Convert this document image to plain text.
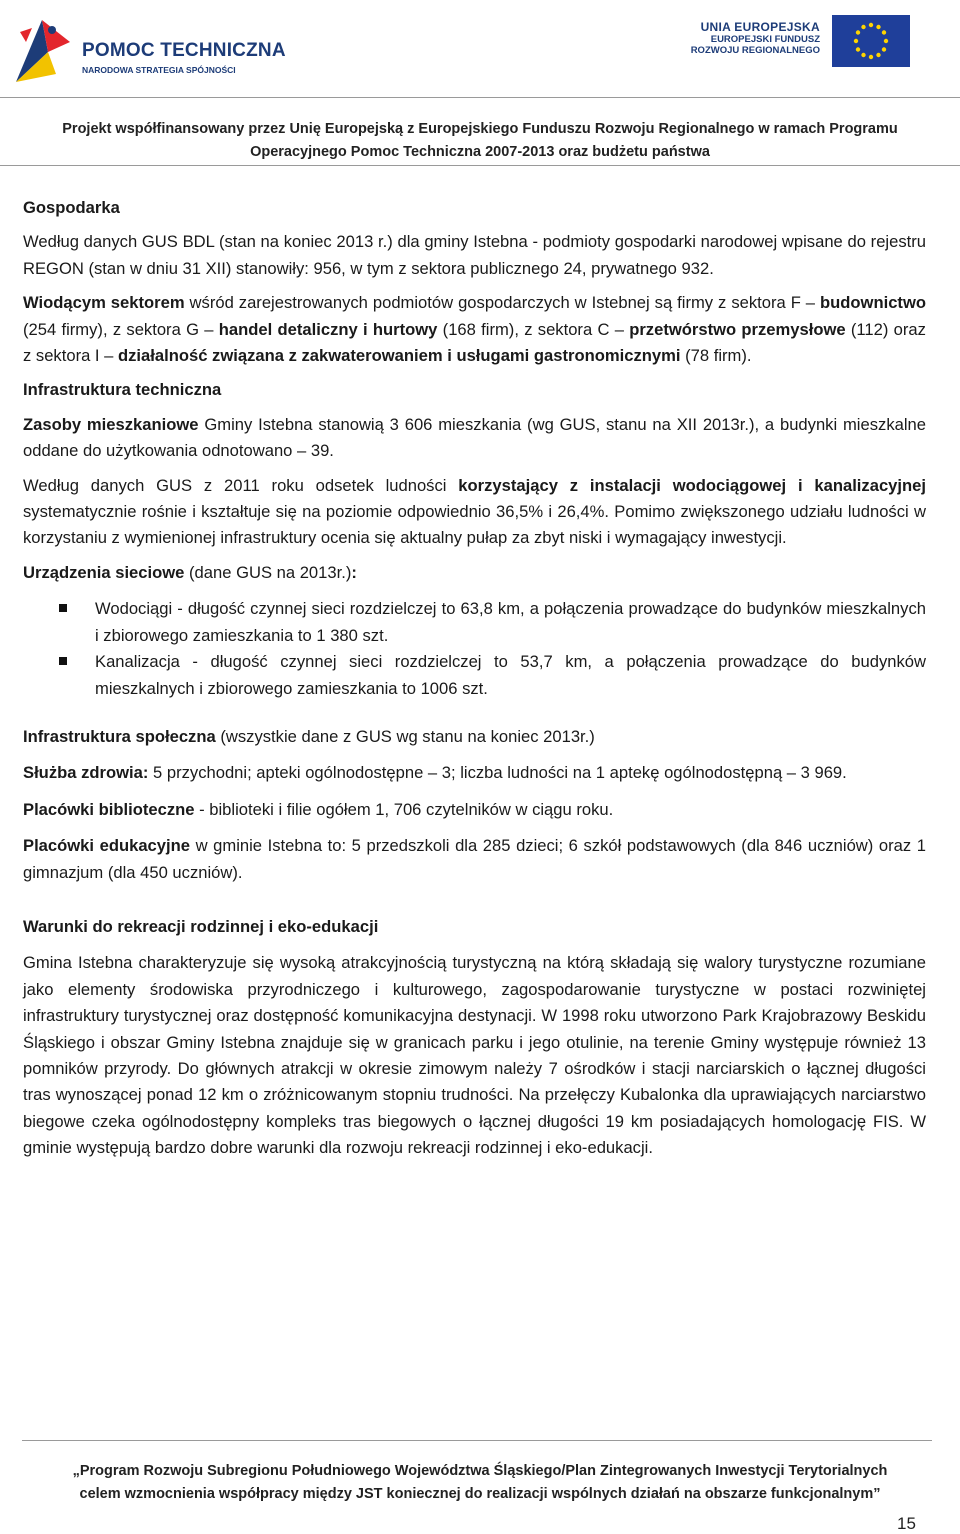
POMOC TECHNICZNA
NARODOWA STRATEGIA SPÓJNOŚCI
UNIA EUROPEJSKA
EUROPEJSKI FUNDUSZ
ROZWOJU REGIONALNEGO
Projekt współfinansowany przez Unię Europejską z Europejskiego Funduszu Rozwoju Regionalnego w ramach Programu
Operacyjnego Pomoc Techniczna 2007-2013 oraz budżetu państwa

Gospodarka

Według danych GUS BDL (stan na koniec 2013 r.) dla gminy Istebna - podmioty gospodarki narodowej wpisane do rejestru REGON (stan w dniu 31 XII) stanowiły: 956, w tym z sektora publicznego 24, prywatnego 932.

Wiodącym sektorem wśród zarejestrowanych podmiotów gospodarczych w Istebnej są firmy z sektora F – budownictwo (254 firmy), z sektora G – handel detaliczny i hurtowy (168 firm), z sektora C – przetwórstwo przemysłowe (112) oraz z sektora I – działalność związana z zakwaterowaniem i usługami gastronomicznymi (78 firm).

Infrastruktura techniczna

Zasoby mieszkaniowe Gminy Istebna stanowią 3 606 mieszkania (wg GUS, stanu na XII 2013r.), a budynki mieszkalne oddane do użytkowania odnotowano – 39.

Według danych GUS z 2011 roku odsetek ludności korzystający z instalacji wodociągowej i kanalizacyjnej systematycznie rośnie i kształtuje się na poziomie odpowiednio 36,5% i 26,4%. Pomimo zwiększonego udziału ludności w korzystaniu z wymienionej infrastruktury ocenia się aktualny pułap za zbyt niski i wymagający inwestycji.

Urządzenia sieciowe (dane GUS na 2013r.):

Wodociągi - długość czynnej sieci rozdzielczej to 63,8 km, a połączenia prowadzące do budynków mieszkalnych i zbiorowego zamieszkania to 1 380 szt.
Kanalizacja - długość czynnej sieci rozdzielczej to 53,7 km, a połączenia prowadzące do budynków mieszkalnych i zbiorowego zamieszkania to 1006 szt.

Infrastruktura społeczna (wszystkie dane z GUS wg stanu na koniec 2013r.)

Służba zdrowia: 5 przychodni; apteki ogólnodostępne – 3; liczba ludności na 1 aptekę ogólnodostępną – 3 969.

Placówki biblioteczne - biblioteki i filie ogółem 1, 706 czytelników w ciągu roku.

Placówki edukacyjne w gminie Istebna to: 5 przedszkoli dla 285 dzieci; 6 szkół podstawowych (dla 846 uczniów) oraz 1 gimnazjum (dla 450 uczniów).

Warunki do rekreacji rodzinnej i eko-edukacji

Gmina Istebna charakteryzuje się wysoką atrakcyjnością turystyczną na którą składają się walory turystyczne rozumiane jako elementy środowiska przyrodniczego i kulturowego, zagospodarowanie turystyczne w postaci rozwiniętej infrastruktury turystycznej oraz dostępność komunikacyjna destynacji. W 1998 roku utworzono Park Krajobrazowy Beskidu Śląskiego i obszar Gminy Istebna znajduje się w granicach parku i jego otulinie, na terenie Gminy występuje również 13 pomników przyrody. Do głównych atrakcji w okresie zimowym należy 7 ośrodków i stacji narciarskich o łącznej długości tras wynoszącej ponad 12 km o zróżnicowanym stopniu trudności. Na przełęczy Kubalonka dla uprawiających narciarstwo biegowe czeka ogólnodostępny kompleks tras biegowych o łącznej długości 19 km posiadających homologację FIS. W gminie występują bardzo dobre warunki dla rozwoju rekreacji rodzinnej i eko-edukacji.

„Program Rozwoju Subregionu Południowego Województwa Śląskiego/Plan Zintegrowanych Inwestycji Terytorialnych
celem wzmocnienia współpracy między JST koniecznej do realizacji wspólnych działań na obszarze funkcjonalnym”
15
